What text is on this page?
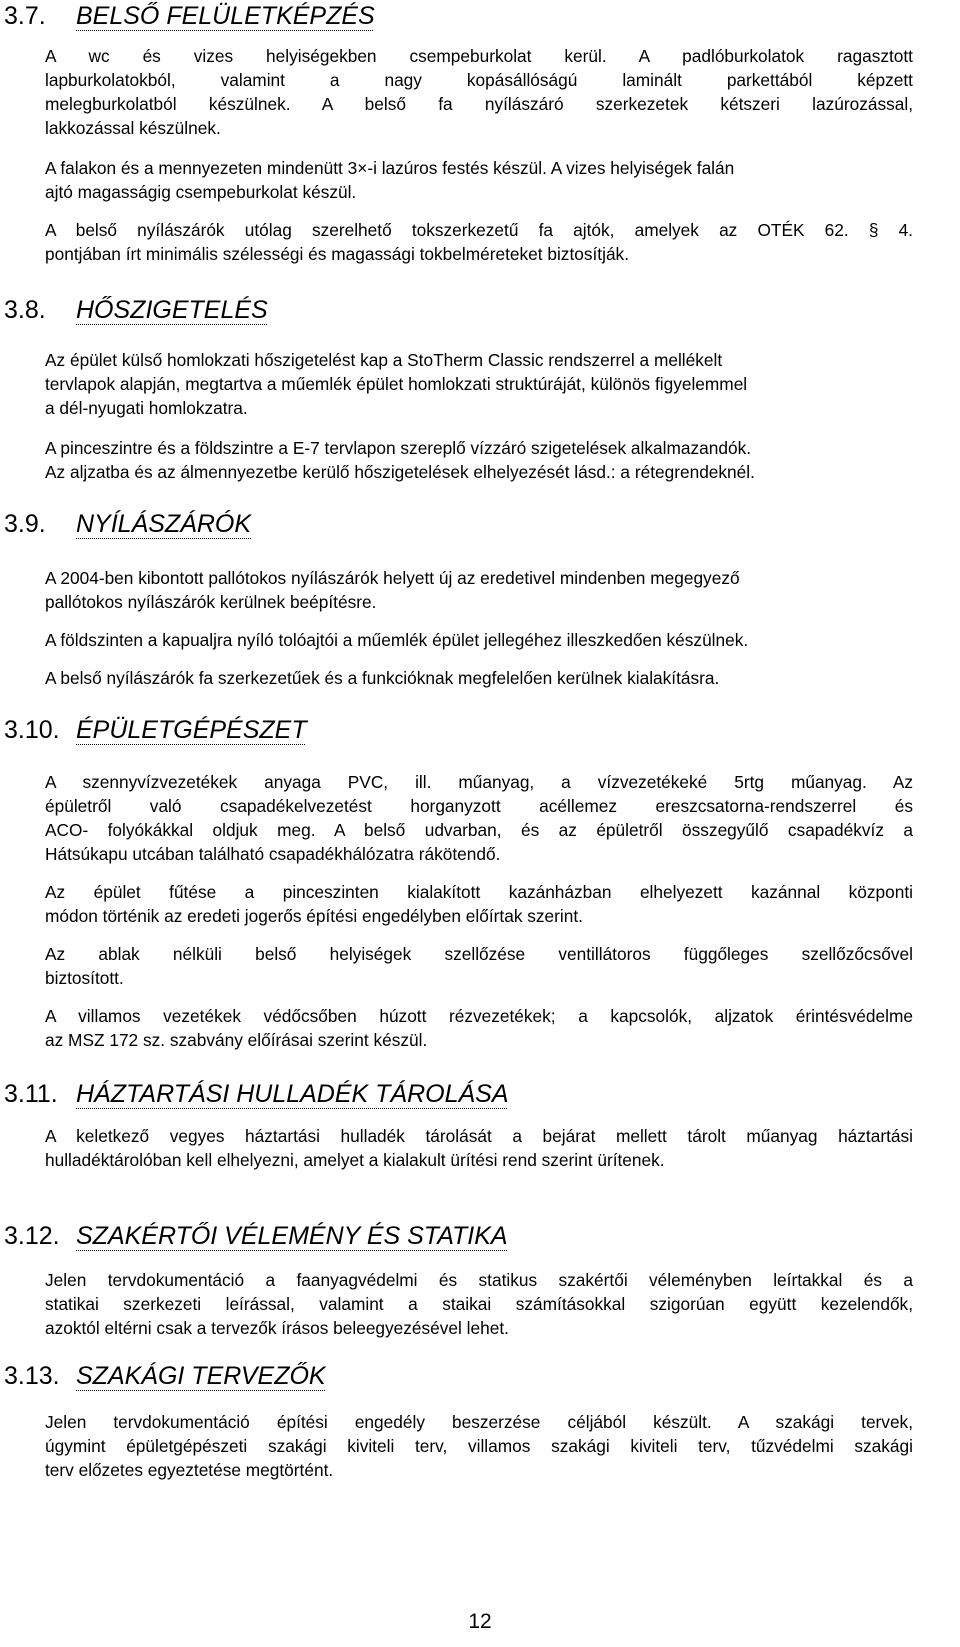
3.7. BELSŐ FELÜLETKÉPZÉS

A wc és vizes helyiségekben csempeburkolat kerül. A padlóburkolatok ragasztott
lapburkolatokból, valamint a nagy kopásállóságú laminált parkettából képzett
melegburkolatból készülnek. A belső fa nyílászáró szerkezetek kétszeri lazúrozással,
lakkozással készülnek.

A falakon és a mennyezeten mindenütt 3×-i lazúros festés készül. A vizes helyiségek falán
ajtó magasságig csempeburkolat készül.

A belső nyílászárók utólag szerelhető tokszerkezetű fa ajtók, amelyek az OTÉK 62. § 4.
pontjában írt minimális szélességi és magassági tokbelméreteket biztosítják.

3.8. HŐSZIGETELÉS

Az épület külső homlokzati hőszigetelést kap a StoTherm Classic rendszerrel a mellékelt
tervlapok alapján, megtartva a műemlék épület homlokzati struktúráját, különös figyelemmel
a dél-nyugati homlokzatra.

A pinceszintre és a földszintre a E-7 tervlapon szereplő vízzáró szigetelések alkalmazandók.
Az aljzatba és az álmennyezetbe kerülő hőszigetelések elhelyezését lásd.: a rétegrendeknél.

3.9. NYÍLÁSZÁRÓK

A 2004-ben kibontott pallótokos nyílászárók helyett új az eredetivel mindenben megegyező
pallótokos nyílászárók kerülnek beépítésre.

A földszinten a kapualjra nyíló tolóajtói a műemlék épület jellegéhez illeszkedően készülnek.

A belső nyílászárók fa szerkezetűek és a funkcióknak megfelelően kerülnek kialakításra.

3.10. ÉPÜLETGÉPÉSZET

A szennyvízvezetékek anyaga PVC, ill. műanyag, a vízvezetékeké 5rtg műanyag. Az
épületről való csapadékelvezetést horganyzott acéllemez ereszcsatorna-rendszerrel és
ACO- folyókákkal oldjuk meg. A belső udvarban, és az épületről összegyűlő csapadékvíz a
Hátsúkapu utcában található csapadékhálózatra rákötendő.

Az épület fűtése a pinceszinten kialakított kazánházban elhelyezett kazánnal központi
módon történik az eredeti jogerős építési engedélyben előírtak szerint.

Az ablak nélküli belső helyiségek szellőzése ventillátoros függőleges szellőzőcsővel
biztosított.

A villamos vezetékek védőcsőben húzott rézvezetékek; a kapcsolók, aljzatok érintésvédelme
az MSZ 172 sz. szabvány előírásai szerint készül.

3.11. HÁZTARTÁSI HULLADÉK TÁROLÁSA

A keletkező vegyes háztartási hulladék tárolását a bejárat mellett tárolt műanyag háztartási
hulladéktárolóban kell elhelyezni, amelyet a kialakult ürítési rend szerint ürítenek.

3.12. SZAKÉRTŐI VÉLEMÉNY ÉS STATIKA

Jelen tervdokumentáció a faanyagvédelmi és statikus szakértői véleményben leírtakkal és a
statikai szerkezeti leírással, valamint a staikai számításokkal szigorúan együtt kezelendők,
azoktól eltérni csak a tervezők írásos beleegyezésével lehet.

3.13. SZAKÁGI TERVEZŐK

Jelen tervdokumentáció építési engedély beszerzése céljából készült. A szakági tervek,
úgymint épületgépészeti szakági kiviteli terv, villamos szakági kiviteli terv, tűzvédelmi szakági
terv előzetes egyeztetése megtörtént.

12
